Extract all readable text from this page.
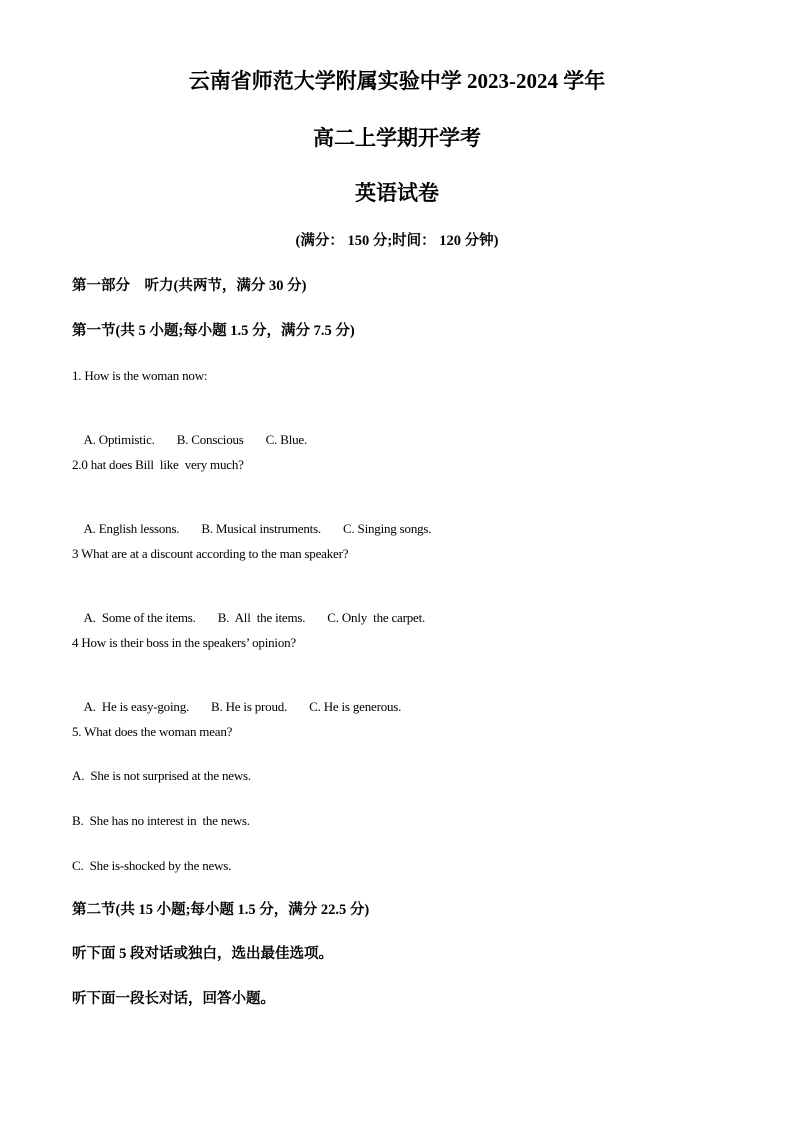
云南省师范大学附属实验中学 2023-2024 学年
高二上学期开学考
英语试卷
(满分： 150 分;时间： 120 分钟)
第一部分　听力(共两节，满分 30 分)
第一节(共 5 小题;每小题 1.5 分，满分 7.5 分)
1. How is the woman now:

A. Optimistic. B. Conscious C. Blue.

2.0 hat does Bill  like  very much?

A. English lessons. B. Musical instruments. C. Singing songs.

3 What are at a discount according to the man speaker?

A.  Some of the items. B.  All  the items. C. Only  the carpet.

4 How is their boss in the speakers’ opinion?

A.  He is easy-going. B. He is proud. C. He is generous.

5. What does the woman mean?
A.  She is not surprised at the news.
B.  She has no interest in  the news.
C.  She is-shocked by the news.
第二节(共 15 小题;每小题 1.5 分，满分 22.5 分)
听下面 5 段对话或独白，选出最佳选项。
听下面一段长对话，回答小题。
